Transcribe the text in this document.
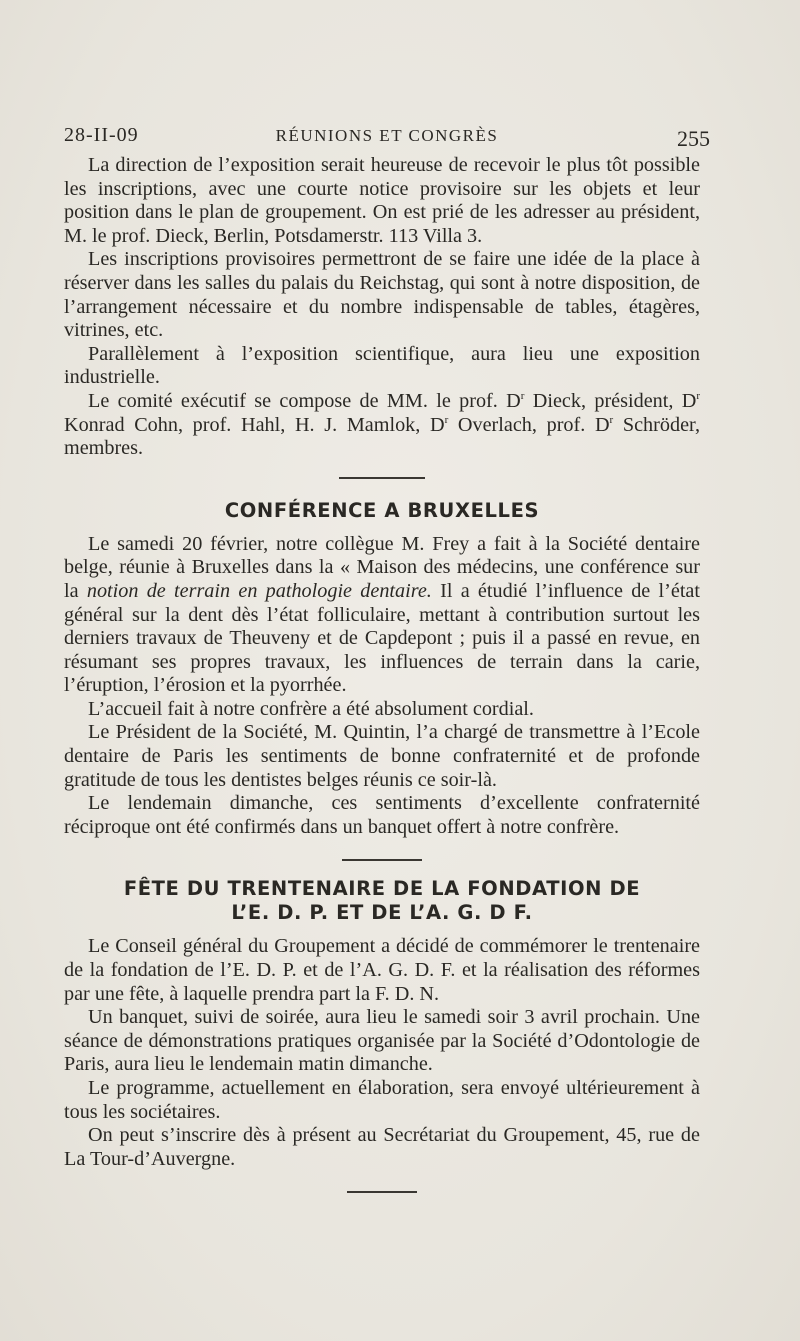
28-II-09	RÉUNIONS ET CONGRÈS	255

La direction de l’exposition serait heureuse de recevoir le plus tôt possible les inscriptions, avec une courte notice provisoire sur les objets et leur position dans le plan de groupement. On est prié de les adresser au président, M. le prof. Dieck, Berlin, Potsdamerstr. 113 Villa 3.

Les inscriptions provisoires permettront de se faire une idée de la place à réserver dans les salles du palais du Reichstag, qui sont à notre disposition, de l’arrangement nécessaire et du nombre indispensable de tables, étagères, vitrines, etc.

Parallèlement à l’exposition scientifique, aura lieu une exposition industrielle.

Le comité exécutif se compose de MM. le prof. $D^r$ Dieck, président, $D^r$ Konrad Cohn, prof. Hahl, H. J. Mamlok, $D^r$ Overlach, prof. $D^r$ Schröder, membres.

CONFÉRENCE A BRUXELLES

Le samedi 20 février, notre collègue M. Frey a fait à la Société dentaire belge, réunie à Bruxelles dans la « Maison des médecins, une conférence sur la notion de terrain en pathologie dentaire. Il a étudié l’influence de l’état général sur la dent dès l’état folliculaire, mettant à contribution surtout les derniers travaux de Theuveny et de Capdepont ; puis il a passé en revue, en résumant ses propres travaux, les influences de terrain dans la carie, l’éruption, l’érosion et la pyorrhée.

L’accueil fait à notre confrère a été absolument cordial.

Le Président de la Société, M. Quintin, l’a chargé de transmettre à l’Ecole dentaire de Paris les sentiments de bonne confraternité et de profonde gratitude de tous les dentistes belges réunis ce soir-là.

Le lendemain dimanche, ces sentiments d’excellente confraternité réciproque ont été confirmés dans un banquet offert à notre confrère.

FÊTE DU TRENTENAIRE DE LA FONDATION DE
L’E. D. P. ET DE L’A. G. D F.

Le Conseil général du Groupement a décidé de commémorer le trentenaire de la fondation de l’E. D. P. et de l’A. G. D. F. et la réalisation des réformes par une fête, à laquelle prendra part la F. D. N.

Un banquet, suivi de soirée, aura lieu le samedi soir 3 avril prochain. Une séance de démonstrations pratiques organisée par la Société d’Odontologie de Paris, aura lieu le lendemain matin dimanche.

Le programme, actuellement en élaboration, sera envoyé ultérieurement à tous les sociétaires.

On peut s’inscrire dès à présent au Secrétariat du Groupement, 45, rue de La Tour-d’Auvergne.
